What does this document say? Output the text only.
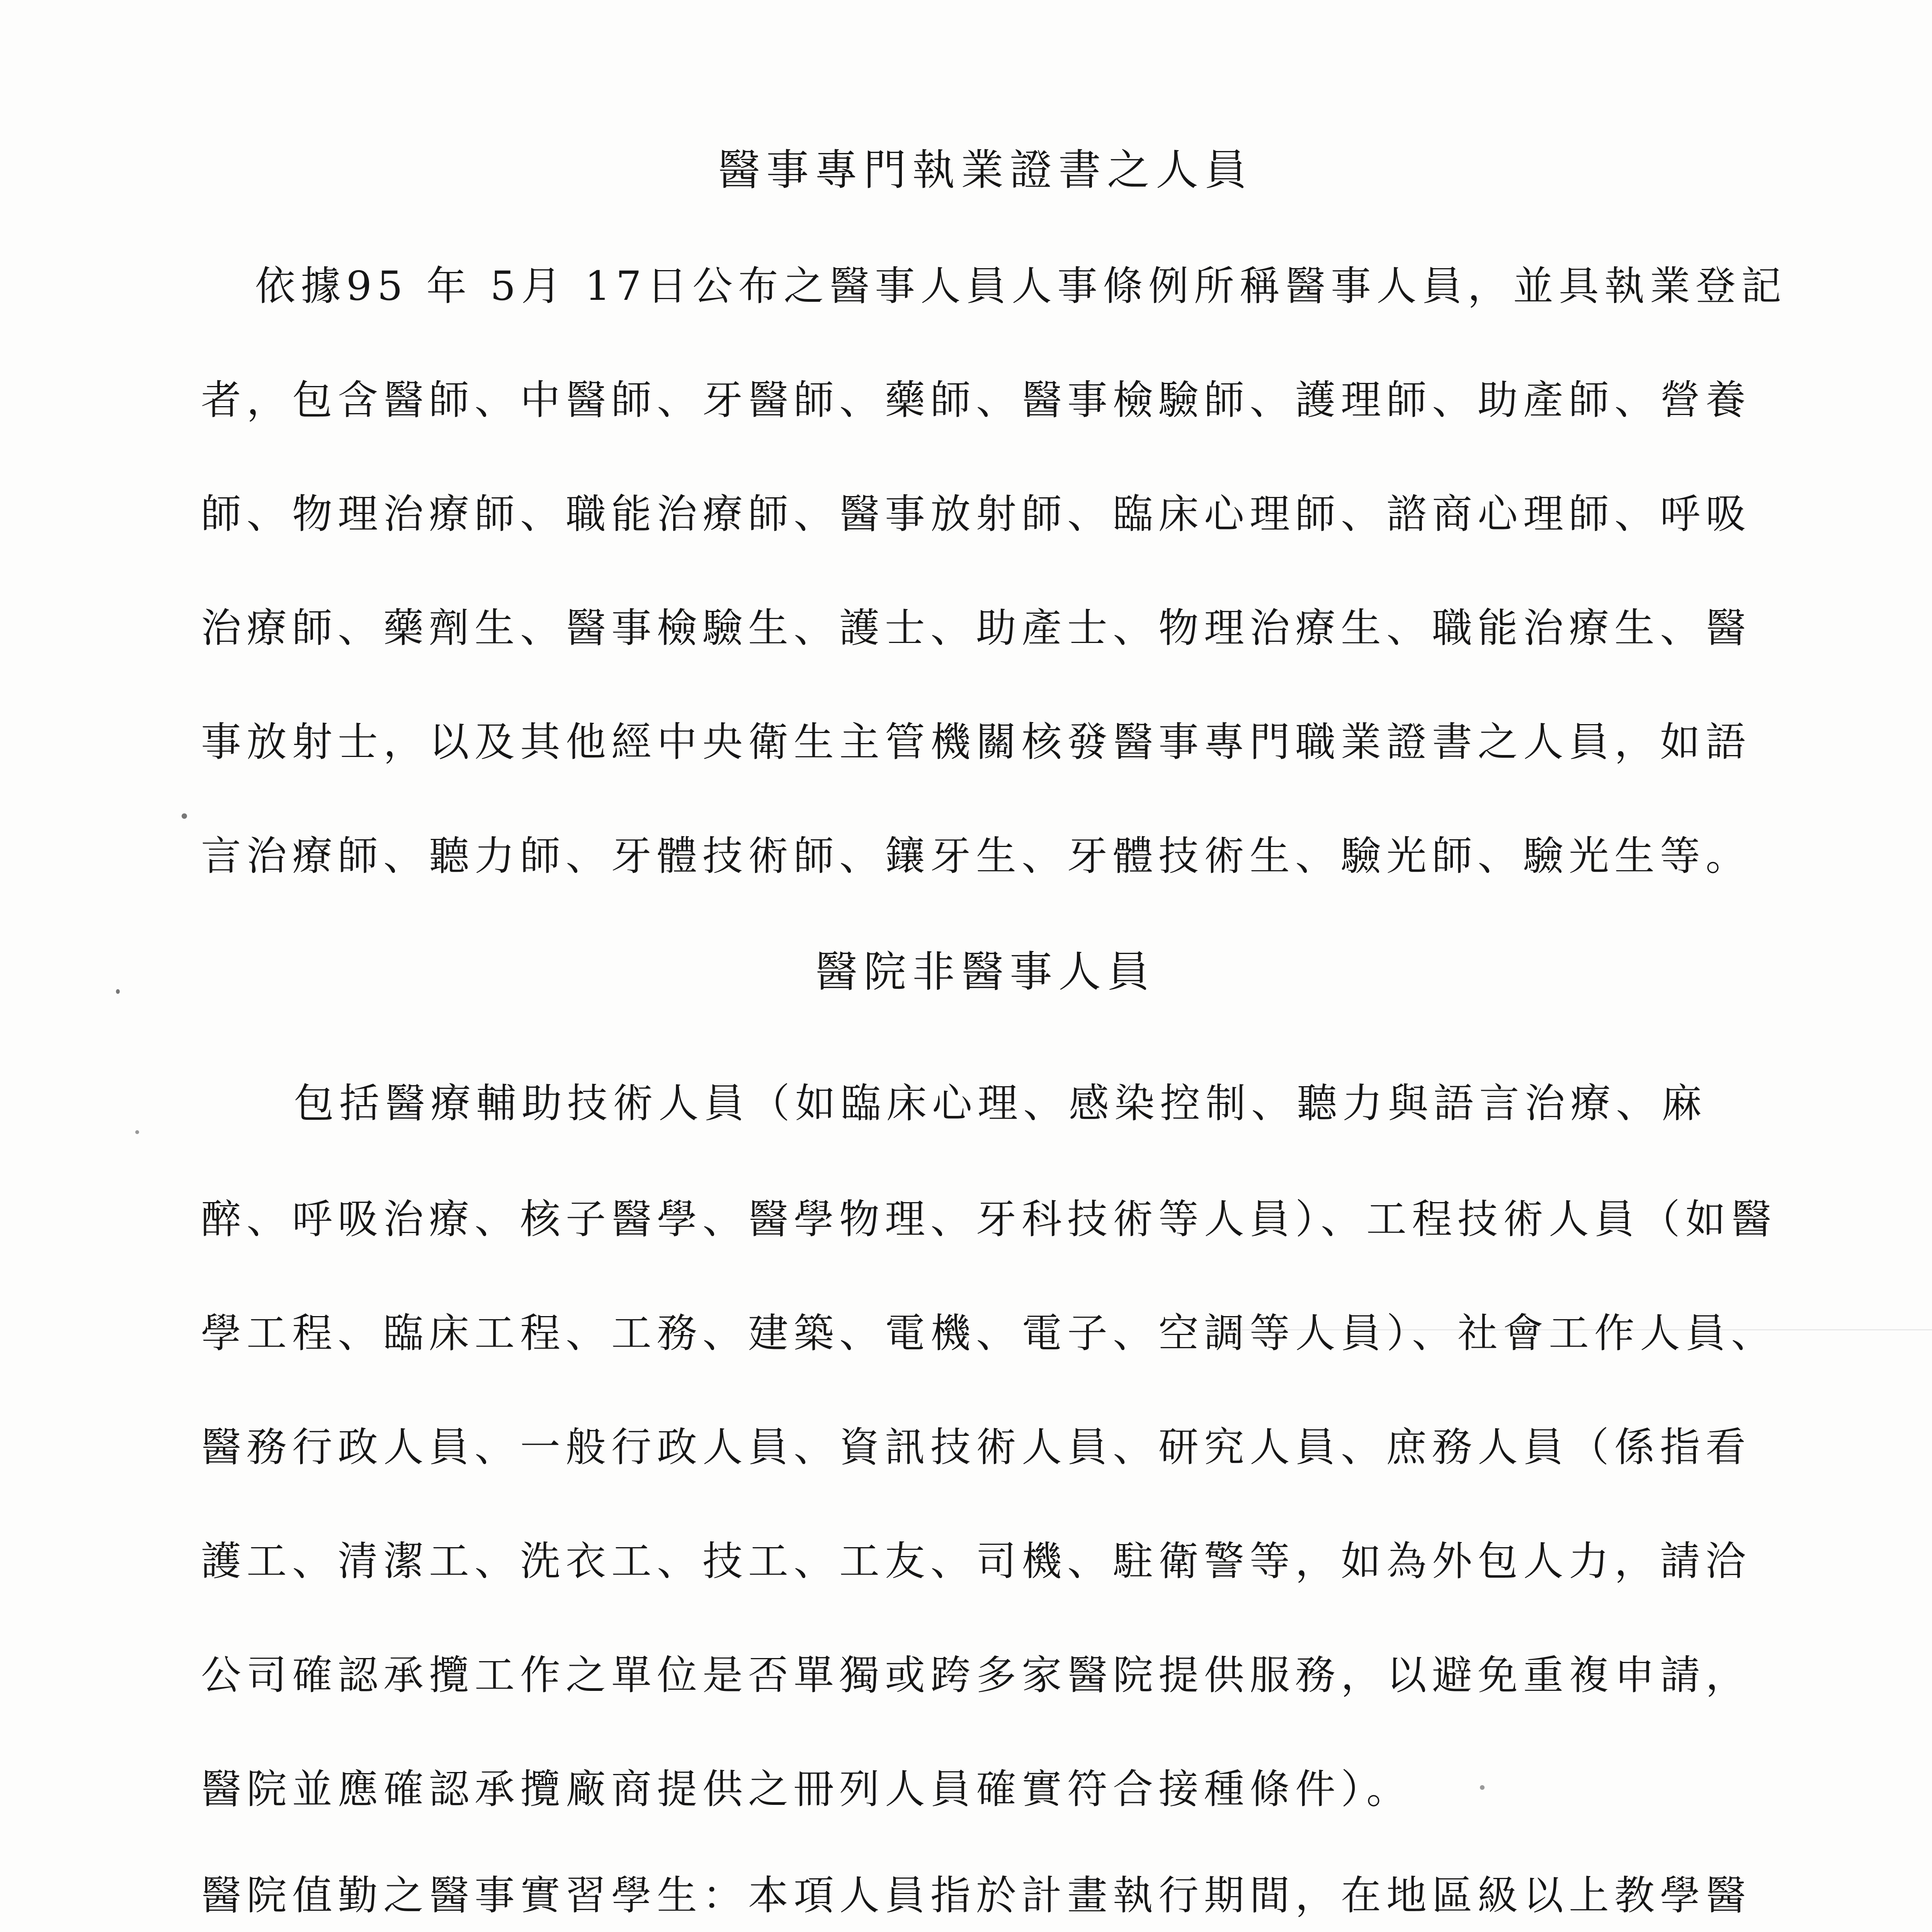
醫事專門執業證書之人員
依據95 年 5月 17日公布之醫事人員人事條例所稱醫事人員，並具執業登記
者，包含醫師、中醫師、牙醫師、藥師、醫事檢驗師、護理師、助產師、營養
師、物理治療師、職能治療師、醫事放射師、臨床心理師、諮商心理師、呼吸
治療師、藥劑生、醫事檢驗生、護士、助產士、物理治療生、職能治療生、醫
事放射士，以及其他經中央衛生主管機關核發醫事專門職業證書之人員，如語
言治療師、聽力師、牙體技術師、鑲牙生、牙體技術生、驗光師、驗光生等。
醫院非醫事人員
包括醫療輔助技術人員（如臨床心理、感染控制、聽力與語言治療、麻
醉、呼吸治療、核子醫學、醫學物理、牙科技術等人員）、工程技術人員（如醫
學工程、臨床工程、工務、建築、電機、電子、空調等人員）、社會工作人員、
醫務行政人員、一般行政人員、資訊技術人員、研究人員、庶務人員（係指看
護工、清潔工、洗衣工、技工、工友、司機、駐衛警等，如為外包人力，請洽
公司確認承攬工作之單位是否單獨或跨多家醫院提供服務，以避免重複申請，
醫院並應確認承攬廠商提供之冊列人員確實符合接種條件）。
醫院值勤之醫事實習學生：本項人員指於計畫執行期間，在地區級以上教學醫
